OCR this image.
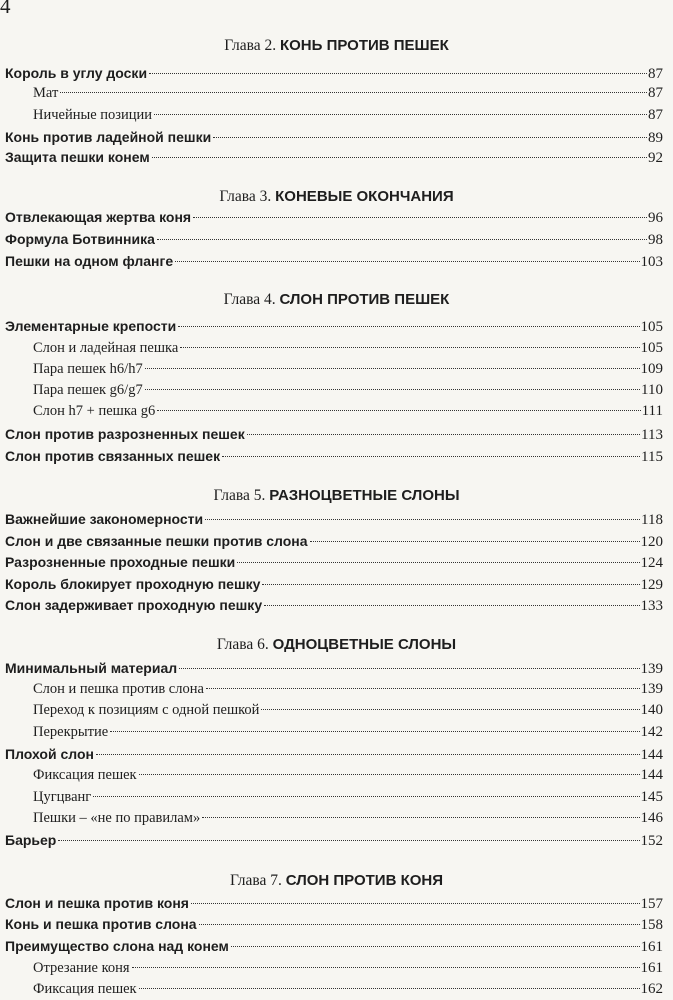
4
Глава 2. КОНЬ ПРОТИВ ПЕШЕК
Король в углу доски	87
Мат	87
Ничейные позиции	87
Конь против ладейной пешки	89
Защита пешки конем	92
Глава 3. КОНЕВЫЕ ОКОНЧАНИЯ
Отвлекающая жертва коня	96
Формула Ботвинника	98
Пешки на одном фланге	103
Глава 4. СЛОН ПРОТИВ ПЕШЕК
Элементарные крепости	105
Слон и ладейная пешка	105
Пара пешек h6/h7	109
Пара пешек g6/g7	110
Слон h7 + пешка g6	111
Слон против разрозненных пешек	113
Слон против связанных пешек	115
Глава 5. РАЗНОЦВЕТНЫЕ СЛОНЫ
Важнейшие закономерности	118
Слон и две связанные пешки против слона	120
Разрозненные проходные пешки	124
Король блокирует проходную пешку	129
Слон задерживает проходную пешку	133
Глава 6. ОДНОЦВЕТНЫЕ СЛОНЫ
Минимальный материал	139
Слон и пешка против слона	139
Переход к позициям с одной пешкой	140
Перекрытие	142
Плохой слон	144
Фиксация пешек	144
Цугцванг	145
Пешки – «не по правилам»	146
Барьер	152
Глава 7. СЛОН ПРОТИВ КОНЯ
Слон и пешка против коня	157
Конь и пешка против слона	158
Преимущество слона над конем	161
Отрезание коня	161
Фиксация пешек	162
